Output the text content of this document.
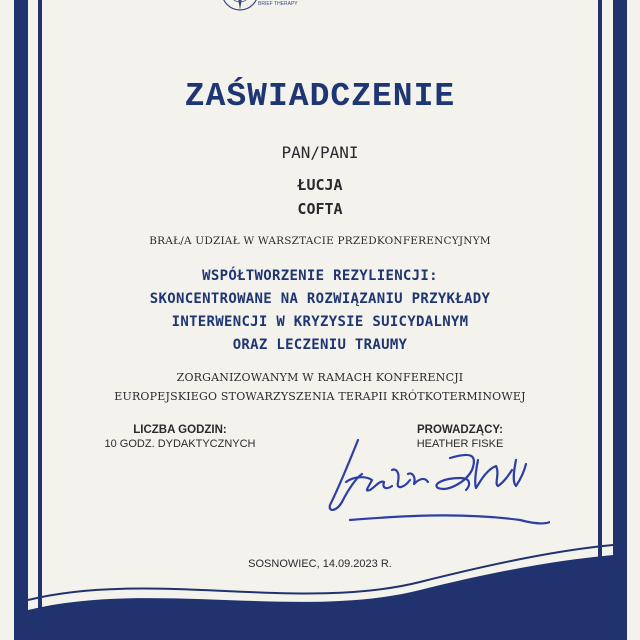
BRIEF THERAPY
ZAŚWIADCZENIE
PAN/PANI
ŁUCJA
COFTA
BRAŁ/A UDZIAŁ W WARSZTACIE PRZEDKONFERENCYJNYM
WSPÓŁTWORZENIE REZYLIENCJI:
SKONCENTROWANE NA ROZWIĄZANIU PRZYKŁADY
INTERWENCJI W KRYZYSIE SUICYDALNYM
ORAZ LECZENIU TRAUMY
ZORGANIZOWANYM W RAMACH KONFERENCJI
EUROPEJSKIEGO STOWARZYSZENIA TERAPII KRÓTKOTERMINOWEJ
LICZBA GODZIN:
10 GODZ. DYDAKTYCZNYCH
PROWADZĄCY:
HEATHER FISKE
SOSNOWIEC, 14.09.2023 R.
